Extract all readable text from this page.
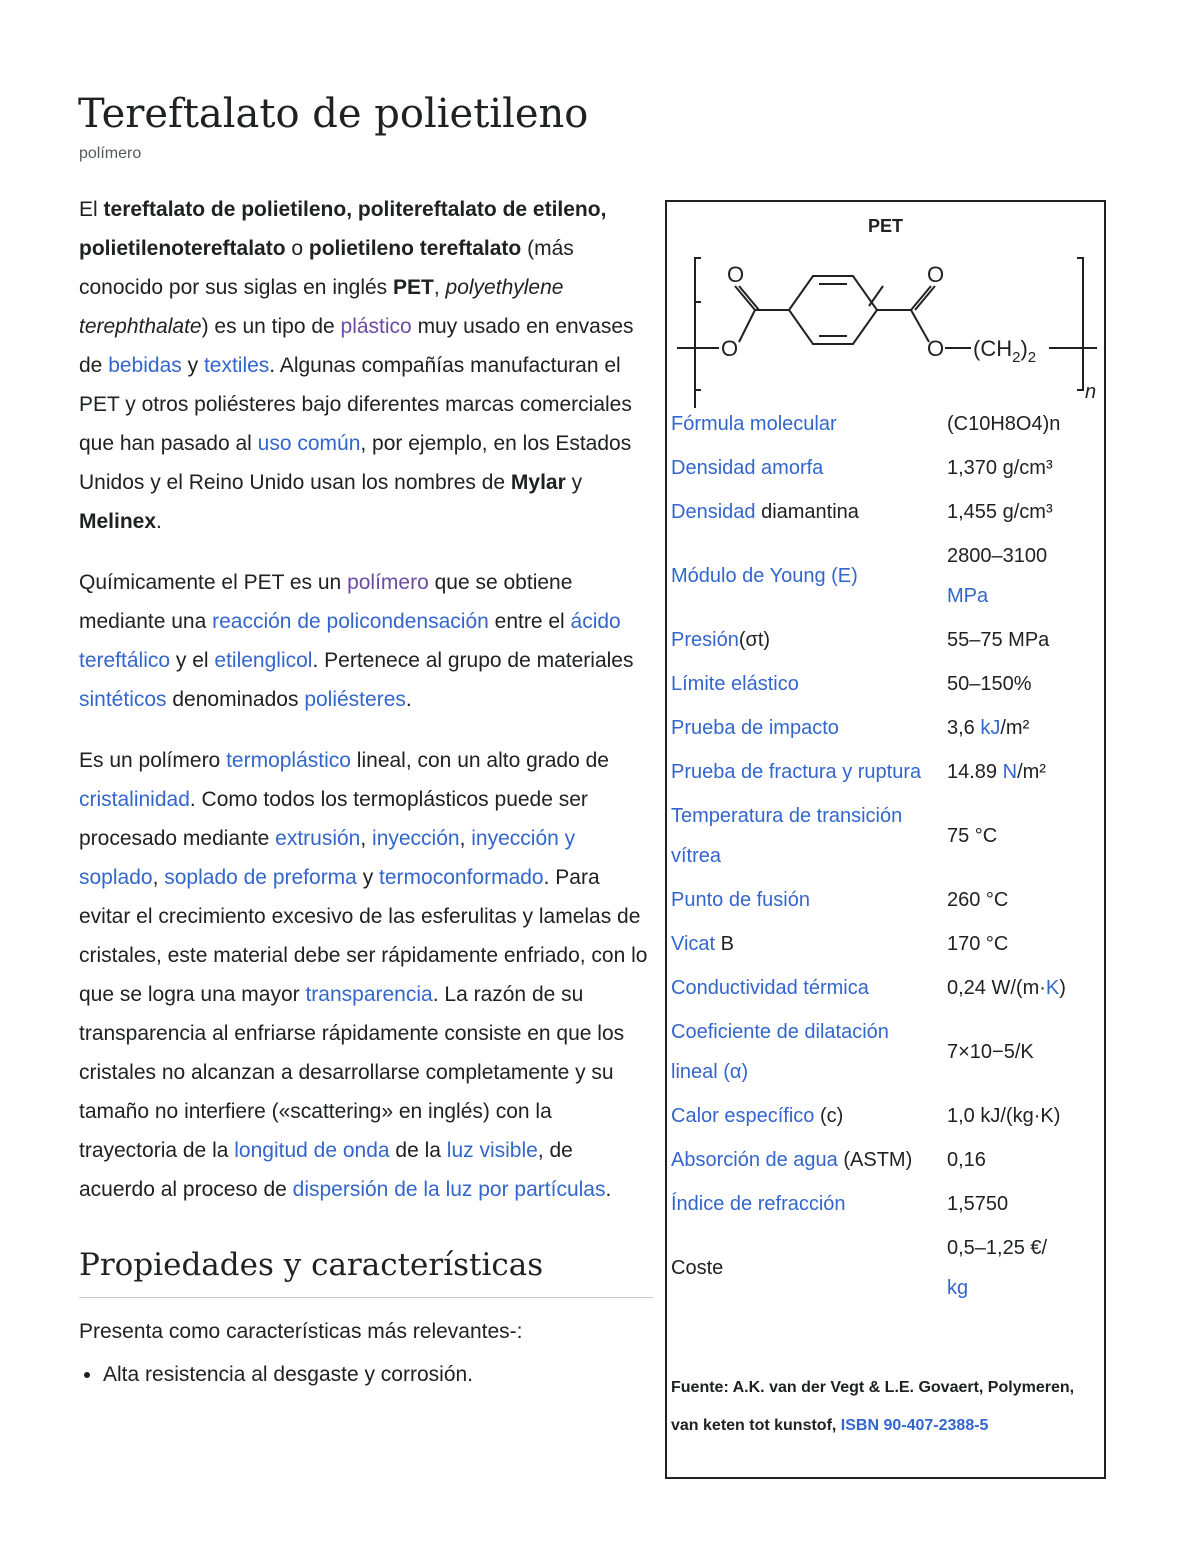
Tereftalato de polietileno
polímero

El tereftalato de polietileno, politereftalato de etileno, polietilenotereftalato o polietileno tereftalato (más conocido por sus siglas en inglés PET, polyethylene terephthalate) es un tipo de plástico muy usado en envases de bebidas y textiles. Algunas compañías manufacturan el PET y otros poliésteres bajo diferentes marcas comerciales que han pasado al uso común, por ejemplo, en los Estados Unidos y el Reino Unido usan los nombres de Mylar y Melinex.

Químicamente el PET es un polímero que se obtiene mediante una reacción de policondensación entre el ácido tereftálico y el etilenglicol. Pertenece al grupo de materiales sintéticos denominados poliésteres.

Es un polímero termoplástico lineal, con un alto grado de cristalinidad. Como todos los termoplásticos puede ser procesado mediante extrusión, inyección, inyección y soplado, soplado de preforma y termoconformado. Para evitar el crecimiento excesivo de las esferulitas y lamelas de cristales, este material debe ser rápidamente enfriado, con lo que se logra una mayor transparencia. La razón de su transparencia al enfriarse rápidamente consiste en que los cristales no alcanzan a desarrollarse completamente y su tamaño no interfiere («scattering» en inglés) con la trayectoria de la longitud de onda de la luz visible, de acuerdo al proceso de dispersión de la luz por partículas.

Propiedades y características

Presenta como características más relevantes-:

• Alta resistencia al desgaste y corrosión.
PET
O	O
O	O $(CH_2)_2$
n
Fórmula molecular	(C10H8O4)n
Densidad amorfa	1,370 g/cm³
Densidad diamantina	1,455 g/cm³
Módulo de Young (E)	2800–3100
MPa
Presión(σt)	55–75 MPa
Límite elástico	50–150%
Prueba de impacto	3,6 kJ/m²
Prueba de fractura y ruptura	14.89 N/m²
Temperatura de transición vítrea	75 °C
Punto de fusión	260 °C
Vicat B	170 °C
Conductividad térmica	0,24 W/(m·K)
Coeficiente de dilatación lineal (α)	7×10−5/K
Calor específico (c)	1,0 kJ/(kg·K)
Absorción de agua (ASTM)	0,16
Índice de refracción	1,5750
Coste	0,5–1,25 €/
kg
Fuente: A.K. van der Vegt & L.E. Govaert, Polymeren, van keten tot kunstof, ISBN 90-407-2388-5
